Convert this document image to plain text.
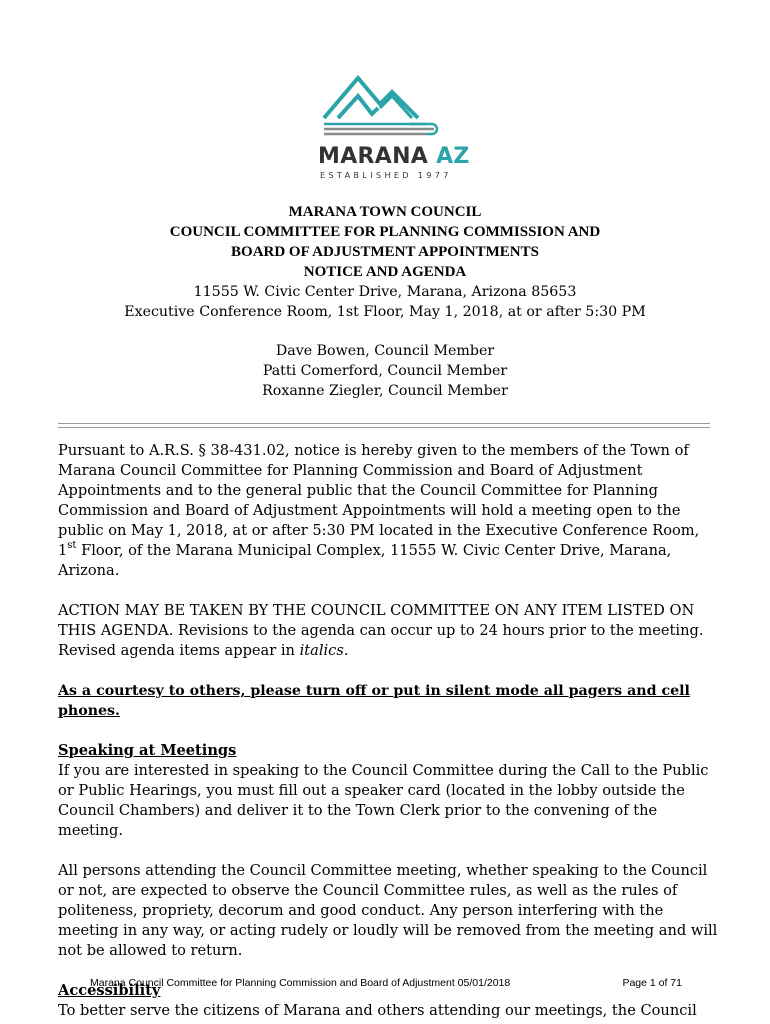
MARANA AZ
ESTABLISHED 1977
MARANA TOWN COUNCIL
COUNCIL COMMITTEE FOR PLANNING COMMISSION AND
BOARD OF ADJUSTMENT APPOINTMENTS
NOTICE AND AGENDA
11555 W. Civic Center Drive, Marana, Arizona 85653
Executive Conference Room, 1st Floor, May 1, 2018, at or after 5:30 PM
Dave Bowen, Council Member
Patti Comerford, Council Member
Roxanne Ziegler, Council Member

Pursuant to A.R.S. § 38-431.02, notice is hereby given to the members of the Town of Marana Council Committee for Planning Commission and Board of Adjustment Appointments and to the general public that the Council Committee for Planning Commission and Board of Adjustment Appointments will hold a meeting open to the public on May 1, 2018, at or after 5:30 PM located in the Executive Conference Room, 1st Floor, of the Marana Municipal Complex, 11555 W. Civic Center Drive, Marana, Arizona.

ACTION MAY BE TAKEN BY THE COUNCIL COMMITTEE ON ANY ITEM LISTED ON THIS AGENDA. Revisions to the agenda can occur up to 24 hours prior to the meeting. Revised agenda items appear in italics.

As a courtesy to others, please turn off or put in silent mode all pagers and cell phones.

Speaking at Meetings

If you are interested in speaking to the Council Committee during the Call to the Public or Public Hearings, you must fill out a speaker card (located in the lobby outside the Council Chambers) and deliver it to the Town Clerk prior to the convening of the meeting.

All persons attending the Council Committee meeting, whether speaking to the Council or not, are expected to observe the Council Committee rules, as well as the rules of politeness, propriety, decorum and good conduct. Any person interfering with the meeting in any way, or acting rudely or loudly will be removed from the meeting and will not be allowed to return.

Accessibility

To better serve the citizens of Marana and others attending our meetings, the Council

Marana Council Committee for Planning Commission and Board of Adjustment 05/01/2018	Page 1 of 71
